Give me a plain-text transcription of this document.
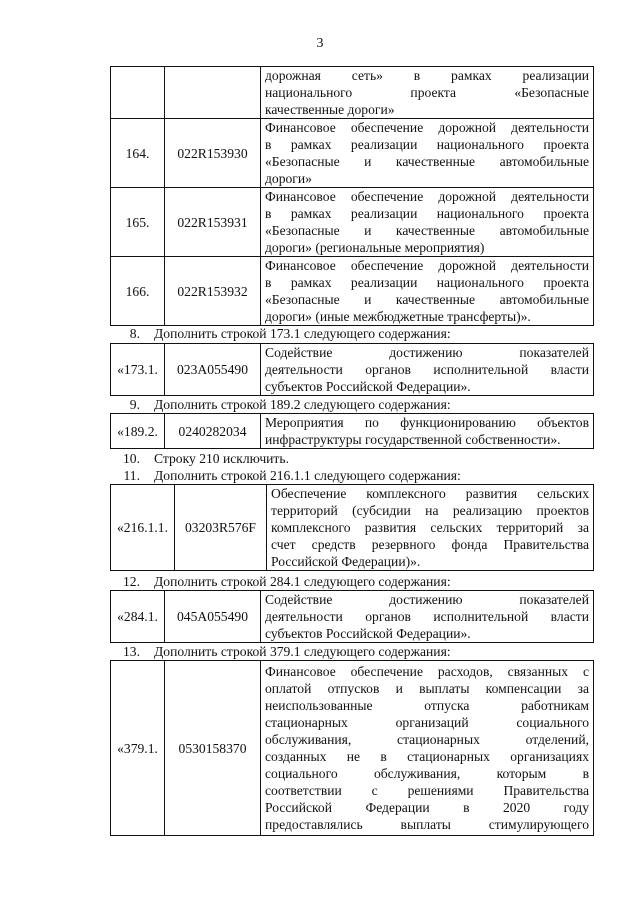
3

		дорожная сеть» в рамках реализации
национального проекта «Безопасные
качественные дороги»
164.	022R153930	Финансовое обеспечение дорожной деятельности
в рамках реализации национального проекта
«Безопасные и качественные автомобильные
дороги»
165.	022R153931	Финансовое обеспечение дорожной деятельности
в рамках реализации национального проекта
«Безопасные и качественные автомобильные
дороги» (региональные мероприятия)
166.	022R153932	Финансовое обеспечение дорожной деятельности
в рамках реализации национального проекта
«Безопасные и качественные автомобильные
дороги» (иные межбюджетные трансферты)».
8. Дополнить строкой 173.1 следующего содержания:
«173.1.	023A055490	
Содействие достижению показателей
деятельности органов исполнительной власти
субъектов Российской Федерации».
9. Дополнить строкой 189.2 следующего содержания:
«189.2.	0240282034	
Мероприятия по функционированию объектов
инфраструктуры государственной собственности».
10. Строку 210 исключить.
11. Дополнить строкой 216.1.1 следующего содержания:
«216.1.1.	03203R576F	
Обеспечение комплексного развития сельских
территорий (субсидии на реализацию проектов
комплексного развития сельских территорий за
счет средств резервного фонда Правительства
Российской Федерации)».
12. Дополнить строкой 284.1 следующего содержания:
«284.1.	045A055490	
Содействие достижению показателей
деятельности органов исполнительной власти
субъектов Российской Федерации».
13. Дополнить строкой 379.1 следующего содержания:
«379.1.	0530158370	
Финансовое обеспечение расходов, связанных с
оплатой отпусков и выплаты компенсации за
неиспользованные отпуска работникам
стационарных организаций социального
обслуживания, стационарных отделений,
созданных не в стационарных организациях
социального обслуживания, которым в
соответствии с решениями Правительства
Российской Федерации в 2020 году
предоставлялись выплаты стимулирующего
